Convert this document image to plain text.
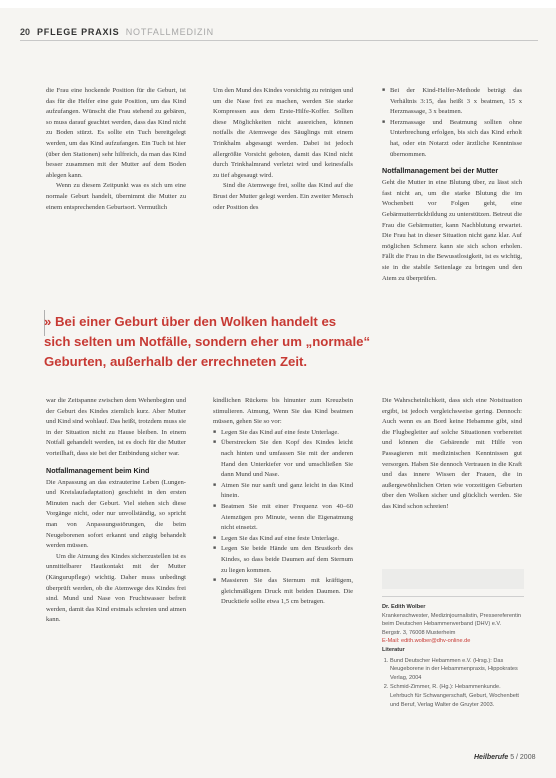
20 PFLEGE PRAXIS NOTFALLMEDIZIN

die Frau eine hockende Position für die Geburt, ist das für die Helfer eine gute Position, um das Kind aufzufangen. Wünscht die Frau stehend zu gebären, so muss darauf geachtet werden, dass das Kind nicht zu Boden stürzt. Es sollte ein Tuch bereitgelegt werden, um das Kind aufzufangen. Ein Tuch ist hier (über den Stationen) sehr hilfreich, da man das Kind besser zusammen mit der Mutter auf dem Boden ablegen kann.

Wenn zu diesem Zeitpunkt was es sich um eine normale Geburt handelt, übernimmt die Mutter zu einem entsprechenden Geburtsort. Vermutlich

Um den Mund des Kindes vorsichtig zu reinigen und um die Nase frei zu machen, werden Sie starke Kompressen aus dem Erste-Hilfe-Koffer. Sollten diese Möglichkeiten nicht ausreichen, können notfalls die Atemwege des Säuglings mit einem Trinkhalm abgesaugt werden. Dabei ist jedoch allergrößte Vorsicht geboten, damit das Kind nicht durch Trinkhalmrand verletzt wird und keinesfalls zu tief abgesaugt wird.

Sind die Atemwege frei, sollte das Kind auf die Brust der Mutter gelegt werden. Ein zweiter Mensch oder Position des

■ Bei der Kind-Helfer-Methode beträgt das Verhältnis 3:15, das heißt 3 x beatmen, 15 x Herzmassage, 3 x beatmen.
■ Herzmassage und Beatmung sollten ohne Unterbrechung erfolgen, bis sich das Kind erholt hat, oder ein Notarzt oder ärztliche Kenntnisse übernommen.
Notfallmanagement bei der Mutter

Geht die Mutter in eine Blutung über, zu lässt sich fast nicht an, um die starke Blutung die im Wochenbett vor Folgen geht, eine Gebärmutterrückbildung zu unterstützen. Betreut die Frau die Gebärmutter, kann Nachblutung erwartet. Die Frau hat in dieser Situation nicht ganz klar. Auf möglichen Schmerz kann sie sich schon erholen. Fällt die Frau in die Bewusstlosigkeit, ist es wichtig, sie in die stabile Seitenlage zu bringen und den Atem zu überprüfen.

» Bei einer Geburt über den Wolken handelt es
sich selten um Notfälle, sondern eher um „normale“
Geburten, außerhalb der errechneten Zeit.

war die Zeitspanne zwischen dem Wehenbeginn und der Geburt des Kindes ziemlich kurz. Aber Mutter und Kind sind wohlauf. Das heißt, trotzdem muss sie in der Situation nicht zu Hause bleiben. In einem Notfall gehandelt werden, ist es doch für die Mutter vorteilhaft, dass sie bei der Entbindung sicher war.

Notfallmanagement beim Kind

Die Anpassung an das extrauterine Leben (Lungen- und Kreislaufadaptation) geschieht in den ersten Minuten nach der Geburt. Viel stehen sich diese Vorgänge nicht, oder nur unvollständig, so spricht man von Anpassungsstörungen, die beim Neugeborenen sofort erkannt und zügig behandelt werden müssen.

Um die Atmung des Kindes sicherzustellen ist es unmittelbarer Hautkontakt mit der Mutter (Kängurupflege) wichtig. Daher muss unbedingt überprüft werden, ob die Atemwege des Kindes frei sind. Mund und Nase von Fruchtwasser befreit werden, damit das Kind erstmals schreien und atmen kann.

kindlichen Rückens bis hinunter zum Kreuzbein stimulieren. Atmung, Wenn Sie das Kind beatmen müssen, gehen Sie so vor:

■ Legen Sie das Kind auf eine feste Unterlage.
■ Überstrecken Sie den Kopf des Kindes leicht nach hinten und umfassen Sie mit der anderen Hand den Unterkiefer vor und umschließen Sie dann Mund und Nase.
■ Atmen Sie nur sanft und ganz leicht in das Kind hinein.
■ Beatmen Sie mit einer Frequenz von 40–60 Atemzügen pro Minute, wenn die Eigenatmung nicht einsetzt.
■ Legen Sie das Kind auf eine feste Unterlage.
■ Legen Sie beide Hände um den Brustkorb des Kindes, so dass beide Daumen auf dem Sternum zu liegen kommen.
■ Massieren Sie das Sternum mit kräftigem, gleichmäßigem Druck mit beiden Daumen. Die Drucktiefe sollte etwa 1,5 cm betragen.

Die Wahrscheinlichkeit, dass sich eine Notsituation ergibt, ist jedoch vergleichsweise gering. Dennoch: Auch wenn es an Bord keine Hebamme gibt, sind die Flugbegleiter auf solche Situationen vorbereitet und können die Gebärende mit Hilfe von Passagieren mit medizinischen Kenntnissen gut versorgen. Haben Sie dennoch Vertrauen in die Kraft und das innere Wissen der Frauen, die in außergewöhnlichen Orten wie vorzeitigen Geburten über den Wolken sicher und glücklich werden. Sie das Kind schon schreien!

Dr. Edith Wolber
Krankenschwester, Medizinjournalistin, Pressereferentin beim Deutschen Hebammenverband (DHV) e.V.
Bergstr. 3, 76008 Musterheim
E-Mail: edith.wolber@dhv-online.de
Literatur
1. Bund Deutscher Hebammen e.V. (Hrsg.): Das Neugeborene in der Hebammenpraxis, Hippokrates Verlag, 2004
2. Schmid-Zimmer, R. (Hg.): Hebammenkunde. Lehrbuch für Schwangerschaft, Geburt, Wochenbett und Beruf, Verlag Walter de Gruyter 2003.
Heilberufe 5 / 2008
